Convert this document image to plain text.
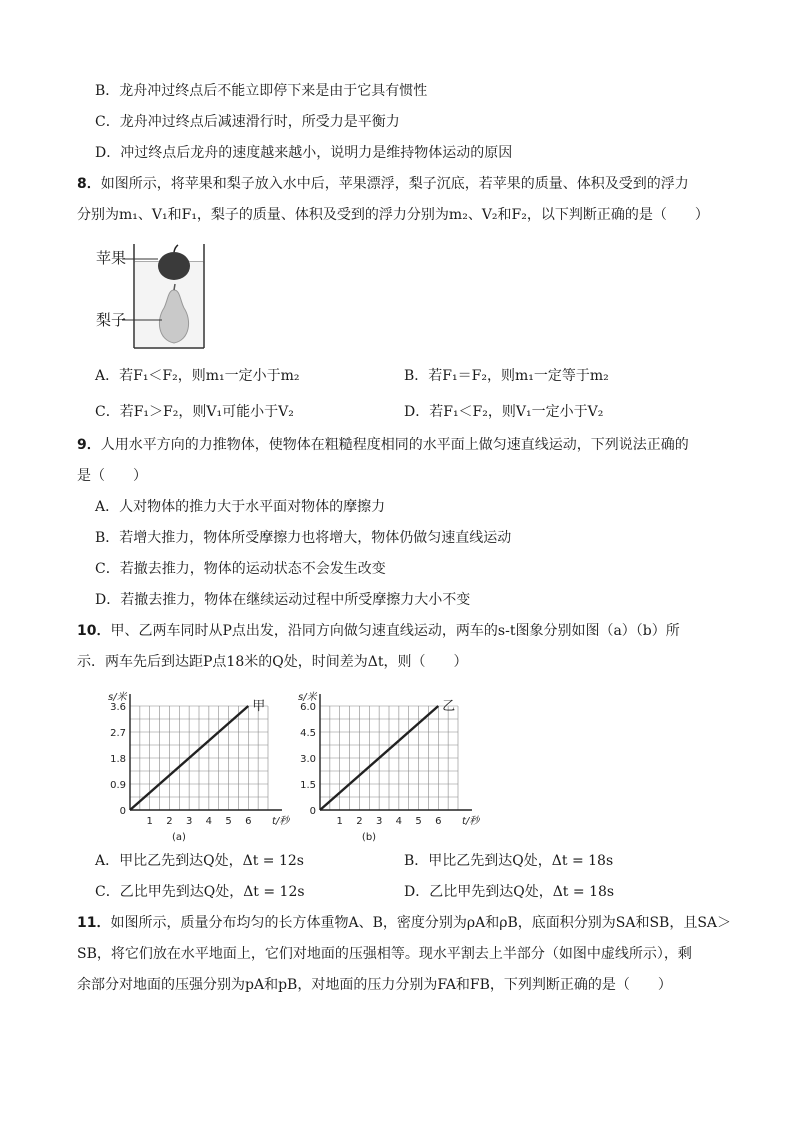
B．龙舟冲过终点后不能立即停下来是由于它具有惯性
C．龙舟冲过终点后减速滑行时，所受力是平衡力
D．冲过终点后龙舟的速度越来越小，说明力是维持物体运动的原因
8．如图所示，将苹果和梨子放入水中后，苹果漂浮，梨子沉底，若苹果的质量、体积及受到的浮力
分别为m₁、V₁和F₁，梨子的质量、体积及受到的浮力分别为m₂、V₂和F₂，以下判断正确的是（　　）
苹果
梨子
A．若F₁＜F₂，则m₁一定小于m₂	B．若F₁＝F₂，则m₁一定等于m₂
C．若F₁＞F₂，则V₁可能小于V₂	D．若F₁＜F₂，则V₁一定小于V₂
9．人用水平方向的力推物体，使物体在粗糙程度相同的水平面上做匀速直线运动，下列说法正确的
是（　　）
A．人对物体的推力大于水平面对物体的摩擦力
B．若增大推力，物体所受摩擦力也将增大，物体仍做匀速直线运动
C．若撤去推力，物体的运动状态不会发生改变
D．若撤去推力，物体在继续运动过程中所受摩擦力大小不变
10．甲、乙两车同时从P点出发，沿同方向做匀速直线运动，两车的s-t图象分别如图（a）（b）所
示．两车先后到达距P点18米的Q处，时间差为Δt，则（　　）
0
0.9
1.8
2.7
3.6
1 2 3 4 5 6
s/米
t/秒
甲
(a)
0
1.5
3.0
4.5
6.0
1 2 3 4 5 6
s/米
t/秒
乙
(b)
A．甲比乙先到达Q处，Δt = 12s	B．甲比乙先到达Q处，Δt = 18s
C．乙比甲先到达Q处，Δt = 12s	D．乙比甲先到达Q处，Δt = 18s
11．如图所示，质量分布均匀的长方体重物A、B，密度分别为ρA和ρB，底面积分别为SA和SB，且SA＞
SB，将它们放在水平地面上，它们对地面的压强相等。现水平割去上半部分（如图中虚线所示），剩
余部分对地面的压强分别为pA和pB，对地面的压力分别为FA和FB，下列判断正确的是（　　）
